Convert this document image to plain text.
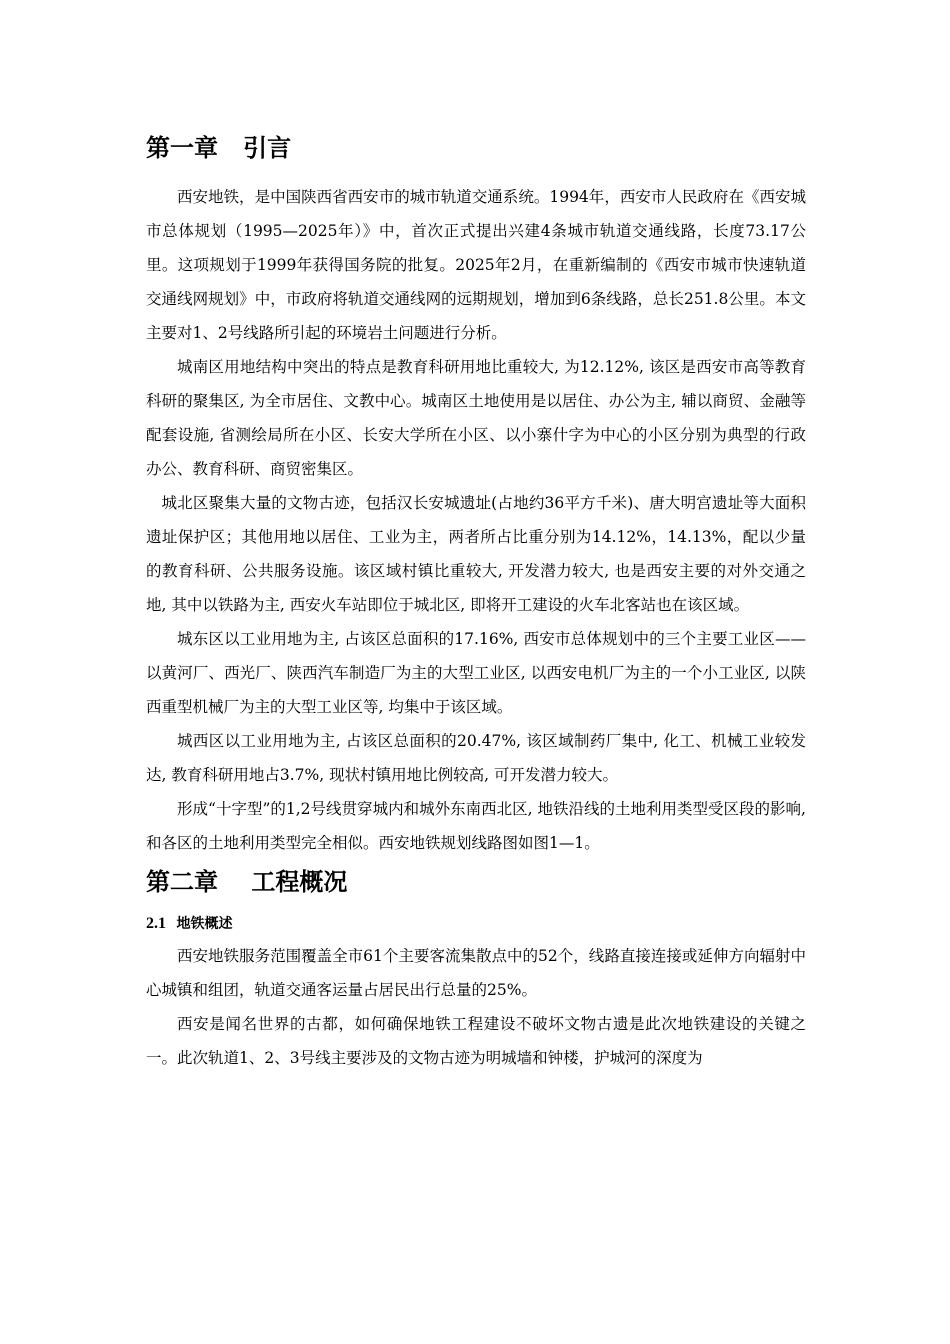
第一章   引言

西安地铁，是中国陕西省西安市的城市轨道交通系统。1994年，西安市人民政府在《西安城市总体规划（1995—2025年）》中，首次正式提出兴建4条城市轨道交通线路，长度73.17公里。这项规划于1999年获得国务院的批复。2025年2月，在重新编制的《西安市城市快速轨道交通线网规划》中，市政府将轨道交通线网的远期规划，增加到6条线路，总长251.8公里。本文主要对1、2号线路所引起的环境岩土问题进行分析。

城南区用地结构中突出的特点是教育科研用地比重较大, 为12.12%, 该区是西安市高等教育科研的聚集区, 为全市居住、文教中心。城南区土地使用是以居住、办公为主, 辅以商贸、金融等配套设施, 省测绘局所在小区、长安大学所在小区、以小寨什字为中心的小区分别为典型的行政办公、教育科研、商贸密集区。

城北区聚集大量的文物古迹，包括汉长安城遗址(占地约36平方千米)、唐大明宫遗址等大面积遗址保护区；其他用地以居住、工业为主，两者所占比重分别为14.12%，14.13%，配以少量的教育科研、公共服务设施。该区域村镇比重较大, 开发潜力较大, 也是西安主要的对外交通之地, 其中以铁路为主, 西安火车站即位于城北区, 即将开工建设的火车北客站也在该区域。

城东区以工业用地为主, 占该区总面积的17.16%, 西安市总体规划中的三个主要工业区——以黄河厂、西光厂、陕西汽车制造厂为主的大型工业区, 以西安电机厂为主的一个小工业区, 以陕西重型机械厂为主的大型工业区等, 均集中于该区域。

城西区以工业用地为主, 占该区总面积的20.47%, 该区域制药厂集中, 化工、机械工业较发达, 教育科研用地占3.7%, 现状村镇用地比例较高, 可开发潜力较大。

形成“十字型”的1,2号线贯穿城内和城外东南西北区, 地铁沿线的土地利用类型受区段的影响, 和各区的土地利用类型完全相似。西安地铁规划线路图如图1—1。

第二章    工程概况
2.1 地铁概述

西安地铁服务范围覆盖全市61个主要客流集散点中的52个，线路直接连接或延伸方向辐射中心城镇和组团，轨道交通客运量占居民出行总量的25%。

西安是闻名世界的古都，如何确保地铁工程建设不破坏文物古遗是此次地铁建设的关键之一。此次轨道1、2、3号线主要涉及的文物古迹为明城墙和钟楼，护城河的深度为
